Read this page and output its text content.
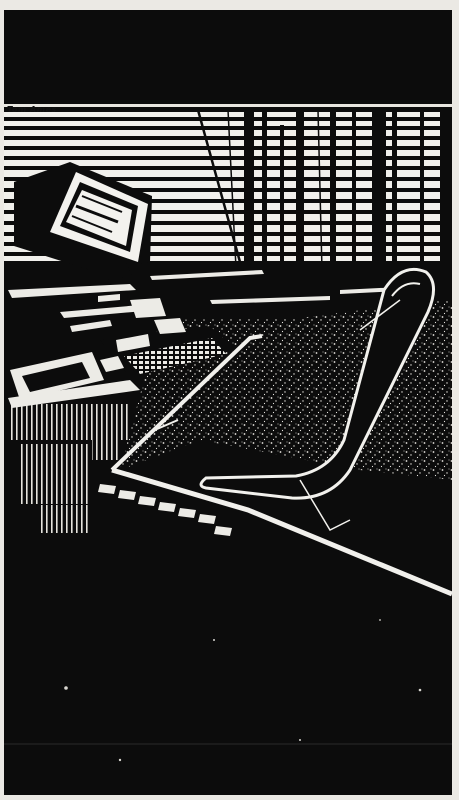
Tom Ames
